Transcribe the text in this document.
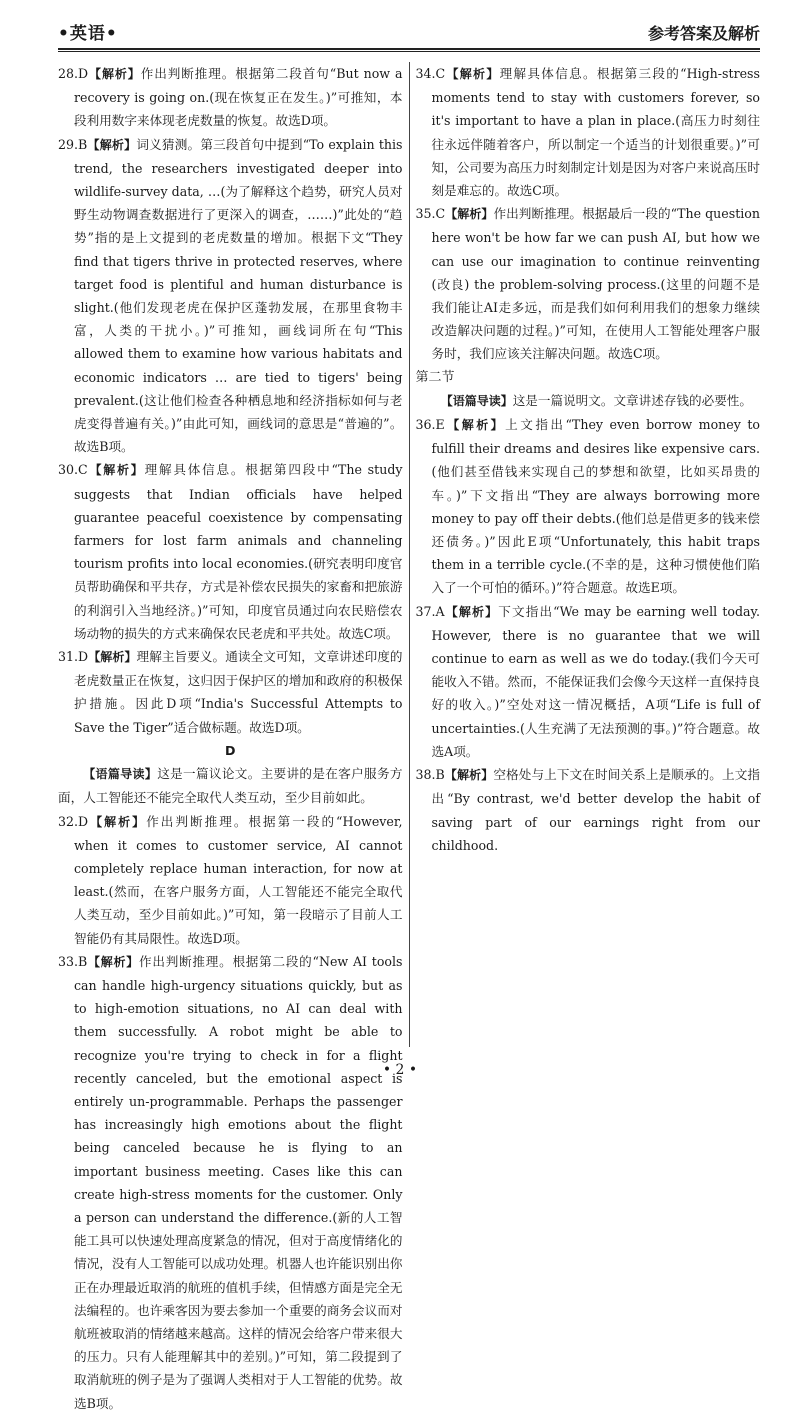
•英语•	参考答案及解析

28.D【解析】作出判断推理。根据第二段首句“But now a recovery is going on.(现在恢复正在发生。)”可推知，本段利用数字来体现老虎数量的恢复。故选D项。

29.B【解析】词义猜测。第三段首句中提到“To explain this trend, the researchers investigated deeper into wildlife-survey data, …(为了解释这个趋势，研究人员对野生动物调查数据进行了更深入的调查，……)”此处的“趋势”指的是上文提到的老虎数量的增加。根据下文“They find that tigers thrive in protected reserves, where target food is plentiful and human disturbance is slight.(他们发现老虎在保护区蓬勃发展，在那里食物丰富，人类的干扰小。)”可推知，画线词所在句“This allowed them to examine how various habitats and economic indicators … are tied to tigers' being prevalent.(这让他们检查各种栖息地和经济指标如何与老虎变得普遍有关。)”由此可知，画线词的意思是“普遍的”。故选B项。

30.C【解析】理解具体信息。根据第四段中“The study suggests that Indian officials have helped guarantee peaceful coexistence by compensating farmers for lost farm animals and channeling tourism profits into local economies.(研究表明印度官员帮助确保和平共存，方式是补偿农民损失的家畜和把旅游的利润引入当地经济。)”可知，印度官员通过向农民赔偿农场动物的损失的方式来确保农民老虎和平共处。故选C项。

31.D【解析】理解主旨要义。通读全文可知，文章讲述印度的老虎数量正在恢复，这归因于保护区的增加和政府的积极保护措施。因此D项“India's Successful Attempts to Save the Tiger”适合做标题。故选D项。

D

【语篇导读】这是一篇议论文。主要讲的是在客户服务方面，人工智能还不能完全取代人类互动，至少目前如此。

32.D【解析】作出判断推理。根据第一段的“However, when it comes to customer service, AI cannot completely replace human interaction, for now at least.(然而，在客户服务方面，人工智能还不能完全取代人类互动，至少目前如此。)”可知，第一段暗示了目前人工智能仍有其局限性。故选D项。

33.B【解析】作出判断推理。根据第二段的“New AI tools can handle high-urgency situations quickly, but as to high-emotion situations, no AI can deal with them successfully. A robot might be able to recognize you're trying to check in for a flight recently canceled, but the emotional aspect is entirely un-programmable. Perhaps the passenger has increasingly high emotions about the flight being canceled because he is flying to an important business meeting. Cases like this can create high-stress moments for the customer. Only a person can understand the difference.(新的人工智能工具可以快速处理高度紧急的情况，但对于高度情绪化的情况，没有人工智能可以成功处理。机器人也许能识别出你正在办理最近取消的航班的值机手续，但情感方面是完全无法编程的。也许乘客因为要去参加一个重要的商务会议而对航班被取消的情绪越来越高。这样的情况会给客户带来很大的压力。只有人能理解其中的差别。)”可知，第二段提到了取消航班的例子是为了强调人类相对于人工智能的优势。故选B项。

34.C【解析】理解具体信息。根据第三段的“High-stress moments tend to stay with customers forever, so it's important to have a plan in place.(高压力时刻往往永远伴随着客户，所以制定一个适当的计划很重要。)”可知，公司要为高压力时刻制定计划是因为对客户来说高压时刻是难忘的。故选C项。

35.C【解析】作出判断推理。根据最后一段的“The question here won't be how far we can push AI, but how we can use our imagination to continue reinventing (改良) the problem-solving process.(这里的问题不是我们能让AI走多远，而是我们如何利用我们的想象力继续改造解决问题的过程。)”可知，在使用人工智能处理客户服务时，我们应该关注解决问题。故选C项。

第二节

【语篇导读】这是一篇说明文。文章讲述存钱的必要性。

36.E【解析】上文指出“They even borrow money to fulfill their dreams and desires like expensive cars.(他们甚至借钱来实现自己的梦想和欲望，比如买昂贵的车。)”下文指出“They are always borrowing more money to pay off their debts.(他们总是借更多的钱来偿还债务。)”因此E项“Unfortunately, this habit traps them in a terrible cycle.(不幸的是，这种习惯使他们陷入了一个可怕的循环。)”符合题意。故选E项。

37.A【解析】下文指出“We may be earning well today. However, there is no guarantee that we will continue to earn as well as we do today.(我们今天可能收入不错。然而，不能保证我们会像今天这样一直保持良好的收入。)”空处对这一情况概括，A项“Life is full of uncertainties.(人生充满了无法预测的事。)”符合题意。故选A项。

38.B【解析】空格处与上下文在时间关系上是顺承的。上文指出“By contrast, we'd better develop the habit of saving part of our earnings right from our childhood.

• 2 •
